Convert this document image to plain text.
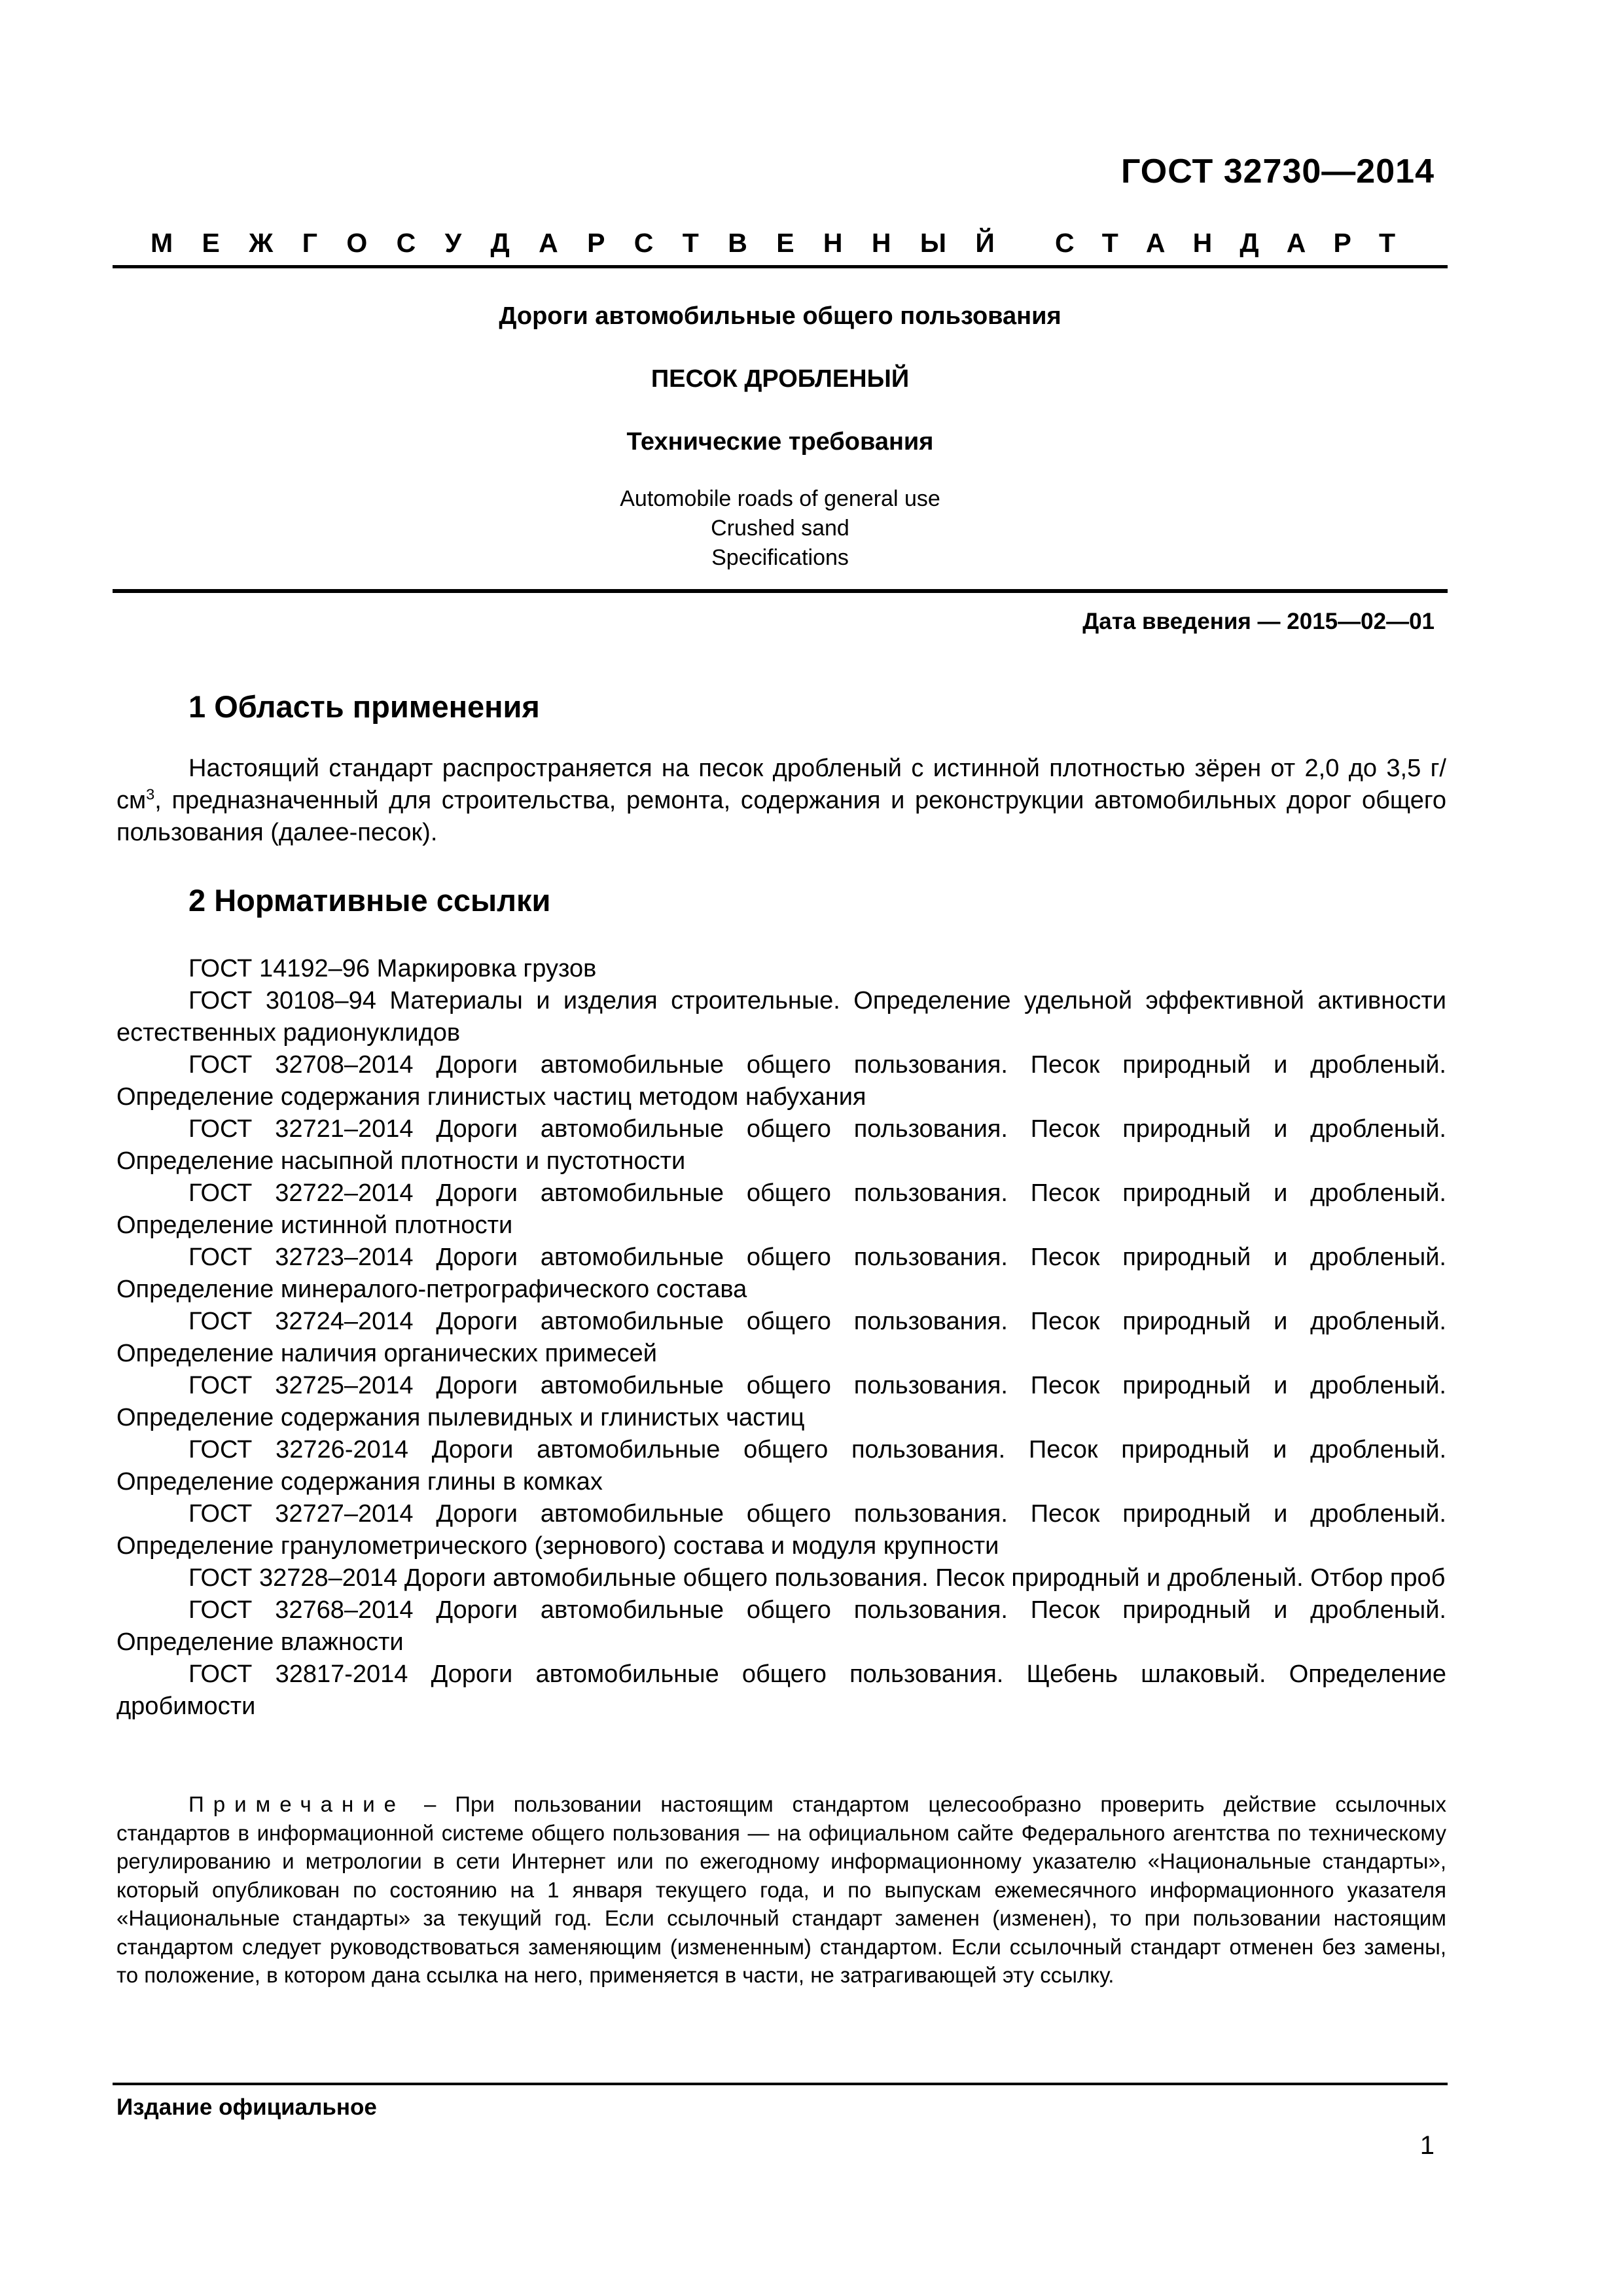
ГОСТ 32730—2014
М Е Ж Г О С У Д А Р С Т В Е Н Н Ы Й С Т А Н Д А Р Т
Дороги автомобильные общего пользования
ПЕСОК ДРОБЛЕНЫЙ
Технические требования
Automobile roads of general use
Crushed sand
Specifications
Дата введения — 2015—02—01
1 Область применения

Настоящий стандарт распространяется на песок дробленый с истинной плотностью зёрен от 2,0 до 3,5 $г/см^3$, предназначенный для строительства, ремонта, содержания и реконструкции автомобильных дорог общего пользования (далее-песок).

2 Нормативные ссылки

ГОСТ 14192–96 Маркировка грузов

ГОСТ 30108–94 Материалы и изделия строительные. Определение удельной эффективной активности естественных радионуклидов

ГОСТ 32708–2014 Дороги автомобильные общего пользования. Песок природный и дробленый. Определение содержания глинистых частиц методом набухания

ГОСТ 32721–2014 Дороги автомобильные общего пользования. Песок природный и дробленый. Определение насыпной плотности и пустотности

ГОСТ 32722–2014 Дороги автомобильные общего пользования. Песок природный и дробленый. Определение истинной плотности

ГОСТ 32723–2014 Дороги автомобильные общего пользования. Песок природный и дробленый. Определение минералого-петрографического состава

ГОСТ 32724–2014 Дороги автомобильные общего пользования. Песок природный и дробленый. Определение наличия органических примесей

ГОСТ 32725–2014 Дороги автомобильные общего пользования. Песок природный и дробленый. Определение содержания пылевидных и глинистых частиц

ГОСТ 32726-2014 Дороги автомобильные общего пользования. Песок природный и дробленый. Определение содержания глины в комках

ГОСТ 32727–2014 Дороги автомобильные общего пользования. Песок природный и дробленый. Определение гранулометрического (зернового) состава и модуля крупности

ГОСТ 32728–2014 Дороги автомобильные общего пользования. Песок природный и дробленый. Отбор проб

ГОСТ 32768–2014 Дороги автомобильные общего пользования. Песок природный и дробленый. Определение влажности

ГОСТ 32817-2014 Дороги автомобильные общего пользования. Щебень шлаковый. Определение дробимости

Примечание – При пользовании настоящим стандартом целесообразно проверить действие ссылочных стандартов в информационной системе общего пользования — на официальном сайте Федерального агентства по техническому регулированию и метрологии в сети Интернет или по ежегодному информационному указателю «Национальные стандарты», который опубликован по состоянию на 1 января текущего года, и по выпускам ежемесячного информационного указателя «Национальные стандарты» за текущий год. Если ссылочный стандарт заменен (изменен), то при пользовании настоящим стандартом следует руководствоваться заменяющим (измененным) стандартом. Если ссылочный стандарт отменен без замены, то положение, в котором дана ссылка на него, применяется в части, не затрагивающей эту ссылку.
Издание официальное
1
